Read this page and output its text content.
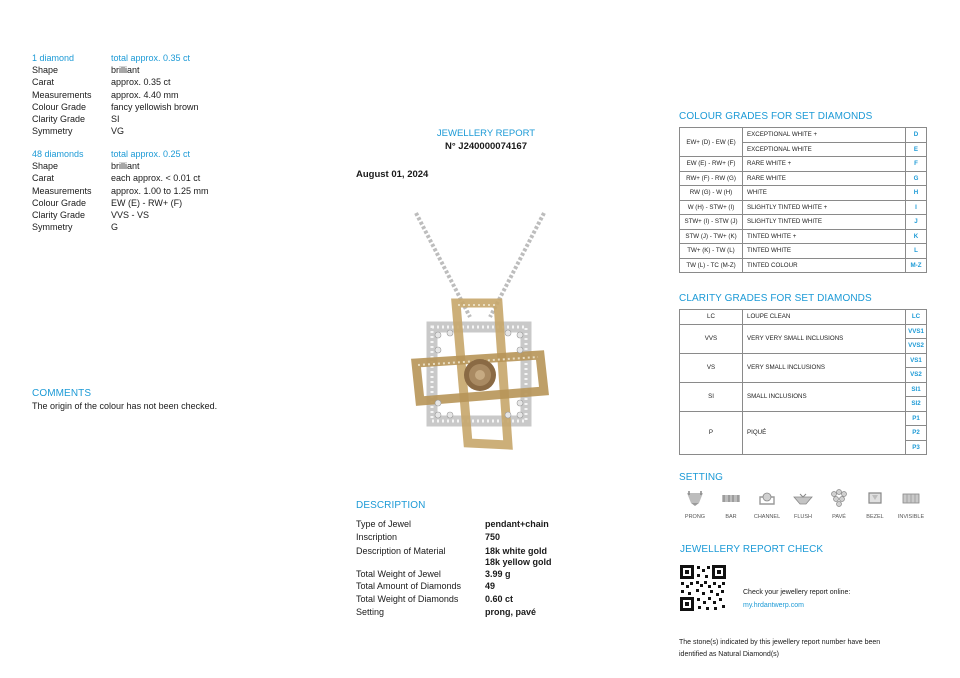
1 diamond	total approx. 0.35 ct
Shape	brilliant
Carat	approx. 0.35 ct
Measurements	approx. 4.40 mm
Colour Grade	fancy yellowish brown
Clarity Grade	SI
Symmetry	VG
48 diamonds	total approx. 0.25 ct
Shape	brilliant
Carat	each approx. < 0.01 ct
Measurements	approx. 1.00 to 1.25 mm
Colour Grade	EW (E) - RW+ (F)
Clarity Grade	VVS - VS
Symmetry	G
COMMENTS
The origin of the colour has not been checked.
JEWELLERY REPORT
N° J240000074167
August 01, 2024
DESCRIPTION
Type of Jewel	pendant+chain
Inscription	750
Description of Material	18k white gold
18k yellow gold
Total Weight of Jewel	3.99 g
Total Amount of Diamonds	49
Total Weight of Diamonds	0.60 ct
Setting	prong, pavé
COLOUR GRADES FOR SET DIAMONDS
EW+ (D) - EW (E)	EXCEPTIONAL WHITE +	D
	EXCEPTIONAL WHITE	E
EW (E) - RW+ (F)	RARE WHITE +	F
RW+ (F) - RW (G)	RARE WHITE	G
RW (G) - W (H)	WHITE	H
W (H) - STW+ (I)	SLIGHTLY TINTED WHITE +	I
STW+ (I) - STW (J)	SLIGHTLY TINTED WHITE	J
STW (J) - TW+ (K)	TINTED WHITE +	K
TW+ (K) - TW (L)	TINTED WHITE	L
TW (L) - TC (M-Z)	TINTED COLOUR	M-Z
CLARITY GRADES FOR SET DIAMONDS
LC	LOUPE CLEAN	LC
VVS	VERY VERY SMALL INCLUSIONS	VVS1
		VVS2
VS	VERY SMALL INCLUSIONS	VS1
		VS2
SI	SMALL INCLUSIONS	SI1
		SI2
P	PIQUÉ	P1
		P2
		P3
SETTING
PRONG	BAR	CHANNEL	FLUSH	PAVÉ	BEZEL	INVISIBLE
JEWELLERY REPORT CHECK
Check your jewellery report online:
my.hrdantwerp.com
The stone(s) indicated by this jewellery report number have been
identified as Natural Diamond(s)
